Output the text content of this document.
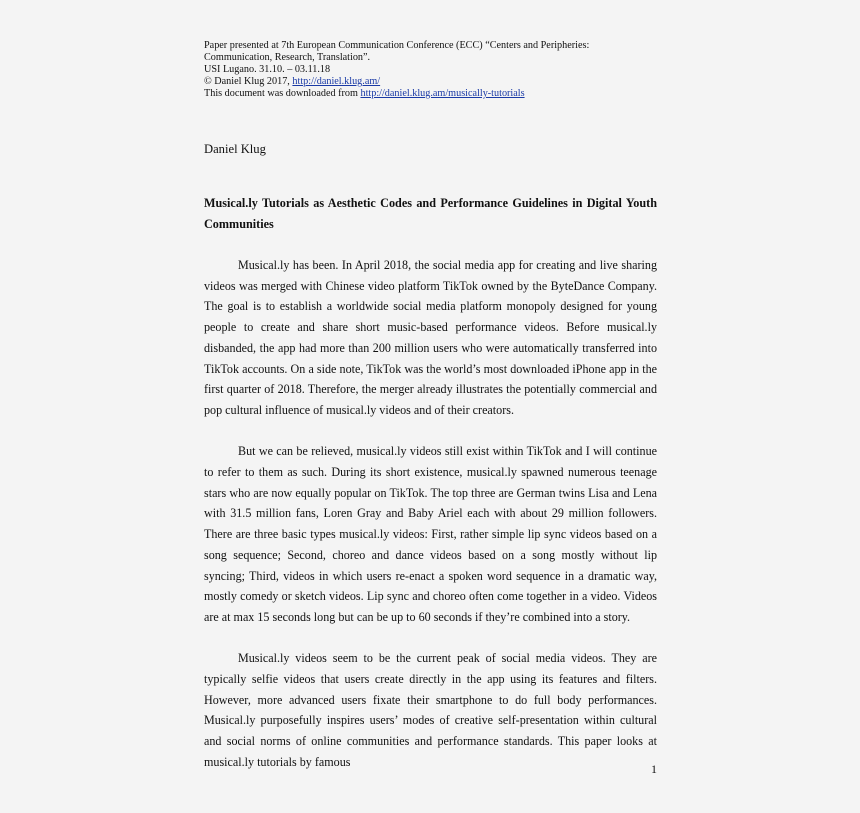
Paper presented at 7th European Communication Conference (ECC) “Centers and Peripheries: Communication, Research, Translation”.

USI Lugano. 31.10. – 03.11.18

© Daniel Klug 2017, http://daniel.klug.am/

This document was downloaded from http://daniel.klug.am/musically-tutorials

Daniel Klug

Musical.ly Tutorials as Aesthetic Codes and Performance Guidelines in Digital Youth Communities

Musical.ly has been. In April 2018, the social media app for creating and live sharing videos was merged with Chinese video platform TikTok owned by the ByteDance Company. The goal is to establish a worldwide social media platform monopoly designed for young people to create and share short music-based performance videos. Before musical.ly disbanded, the app had more than 200 million users who were automatically transferred into TikTok accounts. On a side note, TikTok was the world’s most downloaded iPhone app in the first quarter of 2018. Therefore, the merger already illustrates the potentially commercial and pop cultural influence of musical.ly videos and of their creators.

But we can be relieved, musical.ly videos still exist within TikTok and I will continue to refer to them as such. During its short existence, musical.ly spawned numerous teenage stars who are now equally popular on TikTok. The top three are German twins Lisa and Lena with 31.5 million fans, Loren Gray and Baby Ariel each with about 29 million followers. There are three basic types musical.ly videos: First, rather simple lip sync videos based on a song sequence; Second, choreo and dance videos based on a song mostly without lip syncing; Third, videos in which users re-enact a spoken word sequence in a dramatic way, mostly comedy or sketch videos. Lip sync and choreo often come together in a video. Videos are at max 15 seconds long but can be up to 60 seconds if they’re combined into a story.

Musical.ly videos seem to be the current peak of social media videos. They are typically selfie videos that users create directly in the app using its features and filters. However, more advanced users fixate their smartphone to do full body performances. Musical.ly purposefully inspires users’ modes of creative self-presentation within cultural and social norms of online communities and performance standards. This paper looks at musical.ly tutorials by famous

1
